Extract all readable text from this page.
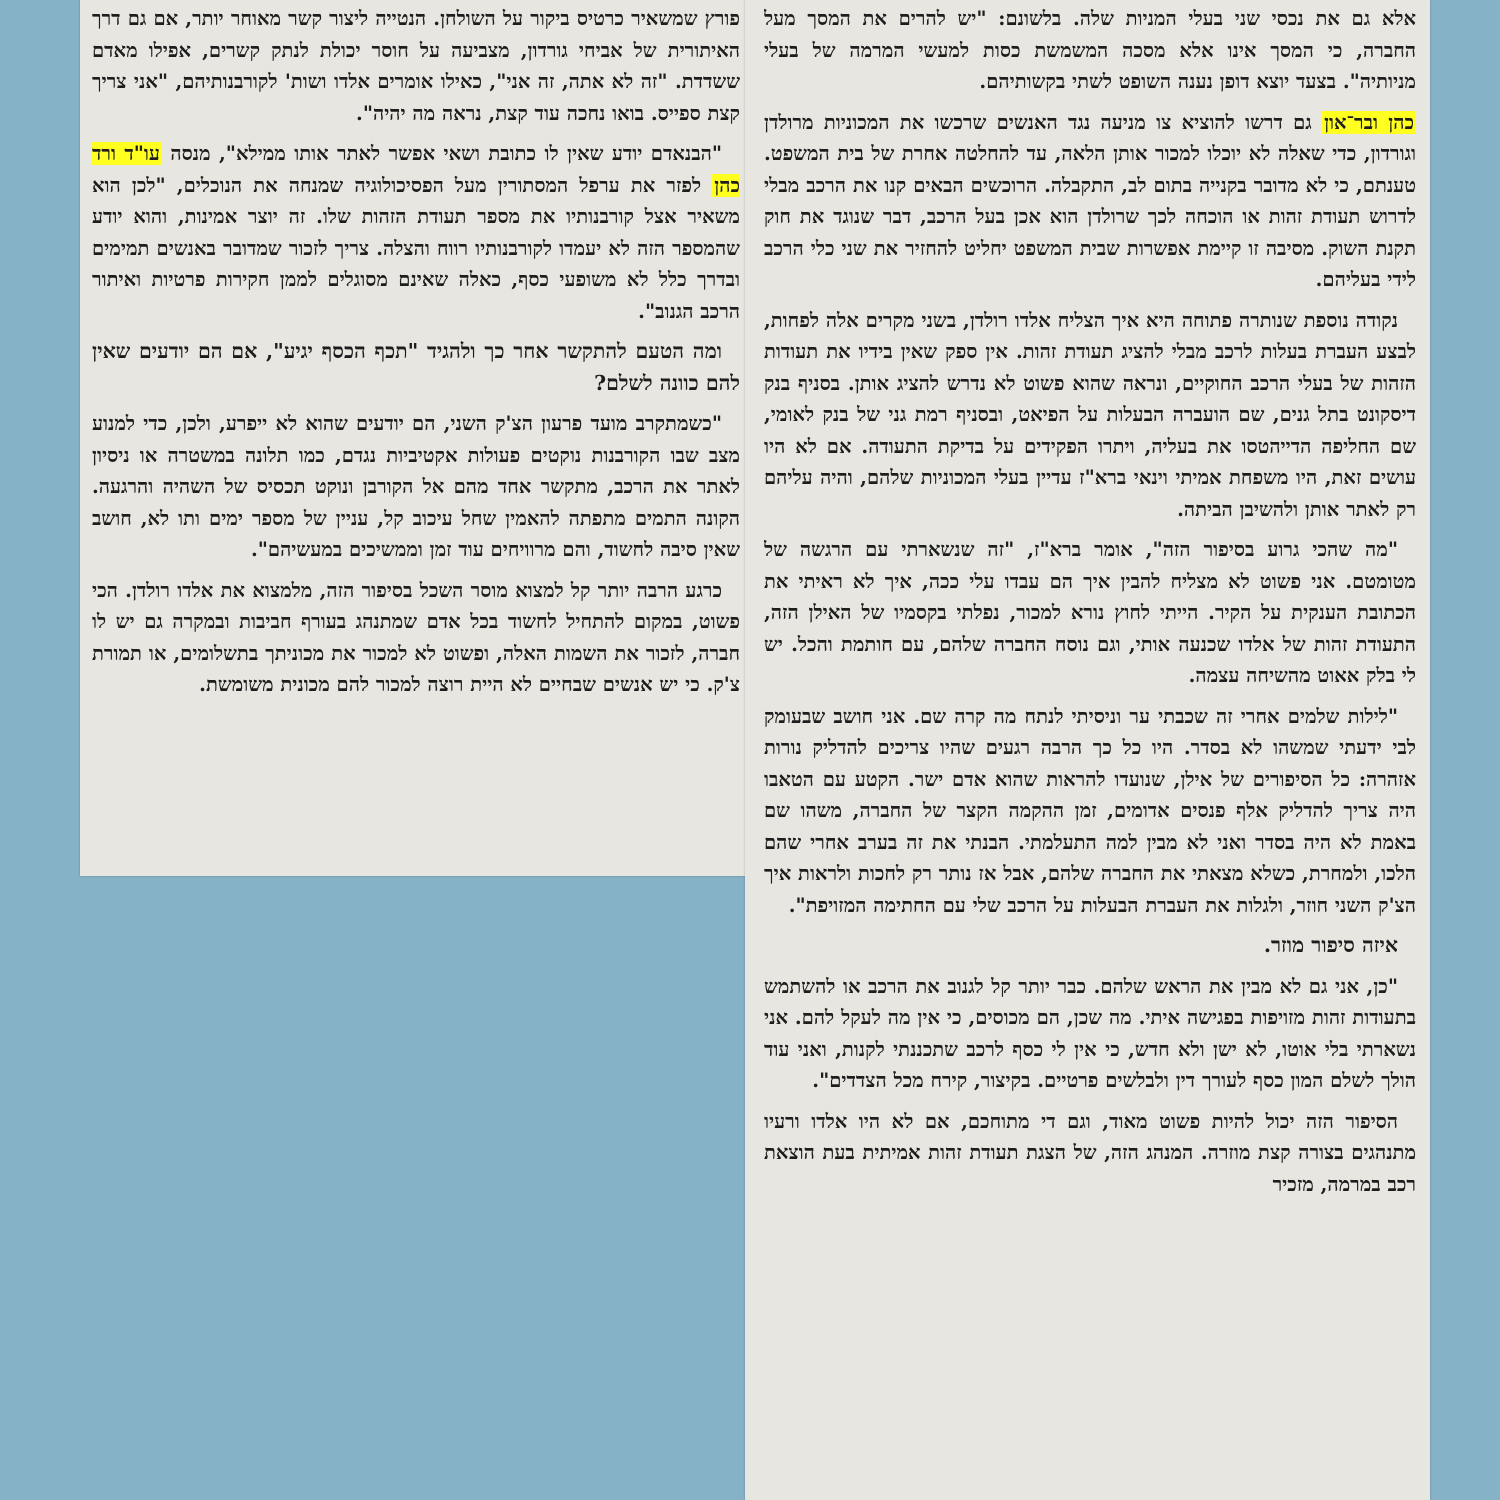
פורץ שמשאיר כרטיס ביקור על השולחן. הנטייה ליצור קשר מאוחר יותר, אם גם דרך האיתורית של אביחי גורדון, מצביעה על חוסר יכולת לנתק קשרים, אפילו מאדם ששדדת. "זה לא אתה, זה אני", כאילו אומרים אלדו ושות' לקורבנותיהם, "אני צריך קצת ספייס. בואו נחכה עוד קצת, נראה מה יהיה".

"הבנאדם יודע שאין לו כתובת ושאי אפשר לאתר אותו ממילא", מנסה עו"ד ורד כהן לפזר את ערפל המסתורין מעל הפסיכולוגיה שמנחה את הנוכלים, "לכן הוא משאיר אצל קורבנותיו את מספר תעודת הזהות שלו. זה יוצר אמינות, והוא יודע שהמספר הזה לא יעמדו לקורבנותיו רווח והצלה. צריך לזכור שמדובר באנשים תמימים ובדרך כלל לא משופעי כסף, כאלה שאינם מסוגלים לממן חקירות פרטיות ואיתור הרכב הגנוב".

ומה הטעם להתקשר אחר כך ולהגיד "תכף הכסף יגיע", אם הם יודעים שאין להם כוונה לשלם?

"כשמתקרב מועד פרעון הצ'ק השני, הם יודעים שהוא לא ייפרע, ולכן, כדי למנוע מצב שבו הקורבנות נוקטים פעולות אקטיביות נגדם, כמו תלונה במשטרה או ניסיון לאתר את הרכב, מתקשר אחד מהם אל הקורבן ונוקט תכסיס של השהיה והרגעה. הקונה התמים מתפתה להאמין שחל עיכוב קל, עניין של מספר ימים ותו לא, חושב שאין סיבה לחשוד, והם מרוויחים עוד זמן וממשיכים במעשיהם".

כרגע הרבה יותר קל למצוא מוסר השכל בסיפור הזה, מלמצוא את אלדו רולדן. הכי פשוט, במקום להתחיל לחשוד בכל אדם שמתנהג בעורף חביבות ובמקרה גם יש לו חברה, לזכור את השמות האלה, ופשוט לא למכור את מכוניתך בתשלומים, או תמורת צ'ק. כי יש אנשים שבחיים לא היית רוצה למכור להם מכונית משומשת.

אלא גם את נכסי שני בעלי המניות שלה. בלשונם: "יש להרים את המסך מעל החברה, כי המסך אינו אלא מסכה המשמשת כסות למעשי המרמה של בעלי מניותיה". בצעד יוצא דופן נענה השופט לשתי בקשותיהם.

כהן ובר־און גם דרשו להוציא צו מניעה נגד האנשים שרכשו את המכוניות מרולדן וגורדון, כדי שאלה לא יוכלו למכור אותן הלאה, עד להחלטה אחרת של בית המשפט. טענתם, כי לא מדובר בקנייה בתום לב, התקבלה. הרוכשים הבאים קנו את הרכב מבלי לדרוש תעודת זהות או הוכחה לכך שרולדן הוא אכן בעל הרכב, דבר שנוגד את חוק תקנת השוק. מסיבה זו קיימת אפשרות שבית המשפט יחליט להחזיר את שני כלי הרכב לידי בעליהם.

נקודה נוספת שנותרה פתוחה היא איך הצליח אלדו רולדן, בשני מקרים אלה לפחות, לבצע העברת בעלות לרכב מבלי להציג תעודת זהות. אין ספק שאין בידיו את תעודות הזהות של בעלי הרכב החוקיים, ונראה שהוא פשוט לא נדרש להציג אותן. בסניף בנק דיסקונט בתל גנים, שם הועברה הבעלות על הפיאט, ובסניף רמת גני של בנק לאומי, שם החליפה הדייהטסו את בעליה, ויתרו הפקידים על בדיקת התעודה. אם לא היו עושים זאת, היו משפחת אמיתי וינאי ברא"ז עדיין בעלי המכוניות שלהם, והיה עליהם רק לאתר אותן ולהשיבן הביתה.

"מה שהכי גרוע בסיפור הזה", אומר ברא"ז, "זה שנשארתי עם הרגשה של מטומטם. אני פשוט לא מצליח להבין איך הם עבדו עלי ככה, איך לא ראיתי את הכתובת הענקית על הקיר. הייתי לחוץ נורא למכור, נפלתי בקסמיו של האילן הזה, התעודת זהות של אלדו שכנעה אותי, וגם נוסח החברה שלהם, עם חותמת והכל. יש לי בלק אאוט מהשיחה עצמה.

"לילות שלמים אחרי זה שכבתי ער וניסיתי לנתח מה קרה שם. אני חושב שבעומק לבי ידעתי שמשהו לא בסדר. היו כל כך הרבה רגעים שהיו צריכים להדליק נורות אזהרה: כל הסיפורים של אילן, שנועדו להראות שהוא אדם ישר. הקטע עם הטאבו היה צריך להדליק אלף פנסים אדומים, זמן ההקמה הקצר של החברה, משהו שם באמת לא היה בסדר ואני לא מבין למה התעלמתי. הבנתי את זה בערב אחרי שהם הלכו, ולמחרת, כשלא מצאתי את החברה שלהם, אבל אז נותר רק לחכות ולראות איך הצ'ק השני חוזר, ולגלות את העברת הבעלות על הרכב שלי עם החתימה המזויפת".

איזה סיפור מוזר.

"כן, אני גם לא מבין את הראש שלהם. כבר יותר קל לגנוב את הרכב או להשתמש בתעודות זהות מזויפות בפגישה איתי. מה שכן, הם מכוסים, כי אין מה לעקל להם. אני נשארתי בלי אוטו, לא ישן ולא חדש, כי אין לי כסף לרכב שתכננתי לקנות, ואני עוד הולך לשלם המון כסף לעורך דין ולבלשים פרטיים. בקיצור, קירח מכל הצדדים".

הסיפור הזה יכול להיות פשוט מאוד, וגם די מתוחכם, אם לא היו אלדו ורעיו מתנהגים בצורה קצת מוזרה. המנהג הזה, של הצגת תעודת זהות אמיתית בעת הוצאת רכב במרמה, מזכיר
